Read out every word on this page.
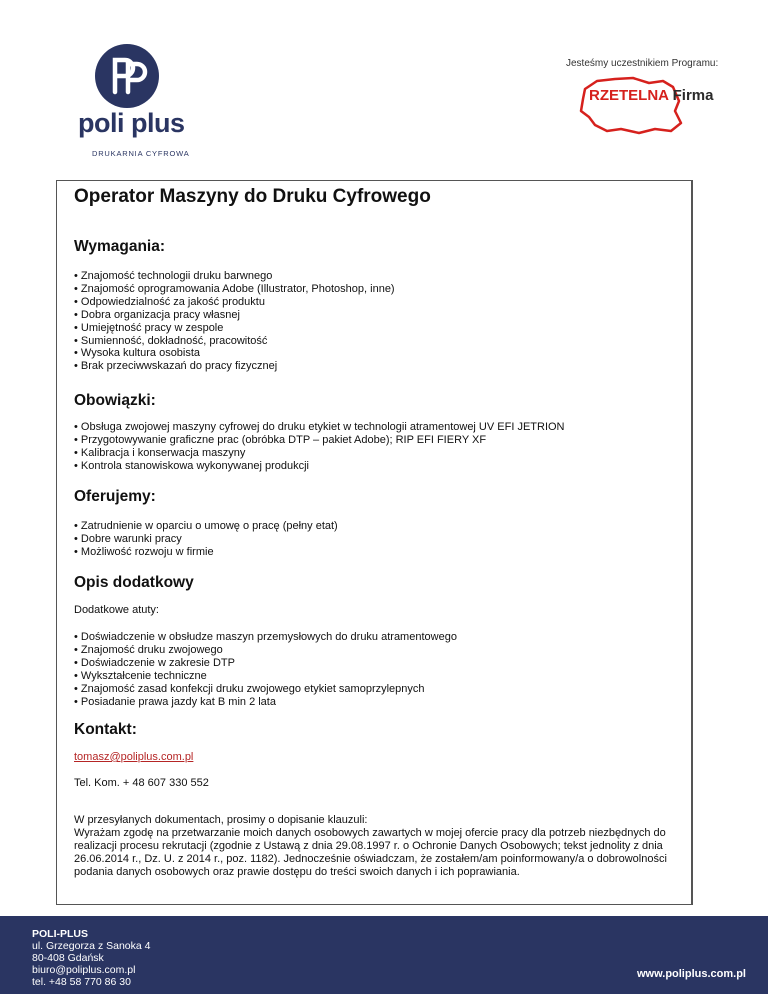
poli plus
DRUKARNIA CYFROWA
Jesteśmy uczestnikiem Programu:
RZETELNA Firma
Operator Maszyny do Druku Cyfrowego
Wymagania:
• Znajomość technologii druku barwnego
• Znajomość oprogramowania Adobe (Illustrator, Photoshop, inne)
• Odpowiedzialność za jakość produktu
• Dobra organizacja pracy własnej
• Umiejętność pracy w zespole
• Sumienność, dokładność, pracowitość
• Wysoka kultura osobista
• Brak przeciwwskazań do pracy fizycznej
Obowiązki:
• Obsługa zwojowej maszyny cyfrowej do druku etykiet w technologii atramentowej UV EFI JETRION
• Przygotowywanie graficzne prac (obróbka DTP – pakiet Adobe); RIP EFI FIERY XF
• Kalibracja i konserwacja maszyny
• Kontrola stanowiskowa wykonywanej produkcji
Oferujemy:
• Zatrudnienie w oparciu o umowę o pracę (pełny etat)
• Dobre warunki pracy
• Możliwość rozwoju w firmie
Opis dodatkowy
Dodatkowe atuty:
• Doświadczenie w obsłudze maszyn przemysłowych do druku atramentowego
• Znajomość druku zwojowego
• Doświadczenie w zakresie DTP
• Wykształcenie techniczne
• Znajomość zasad konfekcji druku zwojowego etykiet samoprzylepnych
• Posiadanie prawa jazdy kat B min 2 lata
Kontakt:
tomasz@poliplus.com.pl
Tel. Kom. + 48 607 330 552
W przesyłanych dokumentach, prosimy o dopisanie klauzuli:
Wyrażam zgodę na przetwarzanie moich danych osobowych zawartych w mojej ofercie pracy dla potrzeb niezbędnych do realizacji procesu rekrutacji (zgodnie z Ustawą z dnia 29.08.1997 r. o Ochronie Danych Osobowych; tekst jednolity z dnia 26.06.2014 r., Dz. U. z 2014 r., poz. 1182). Jednocześnie oświadczam, że zostałem/am poinformowany/a o dobrowolności podania danych osobowych oraz prawie dostępu do treści swoich danych i ich poprawiania.
POLI-PLUS
ul. Grzegorza z Sanoka 4
80-408 Gdańsk
biuro@poliplus.com.pl
tel. +48 58 770 86 30
www.poliplus.com.pl
